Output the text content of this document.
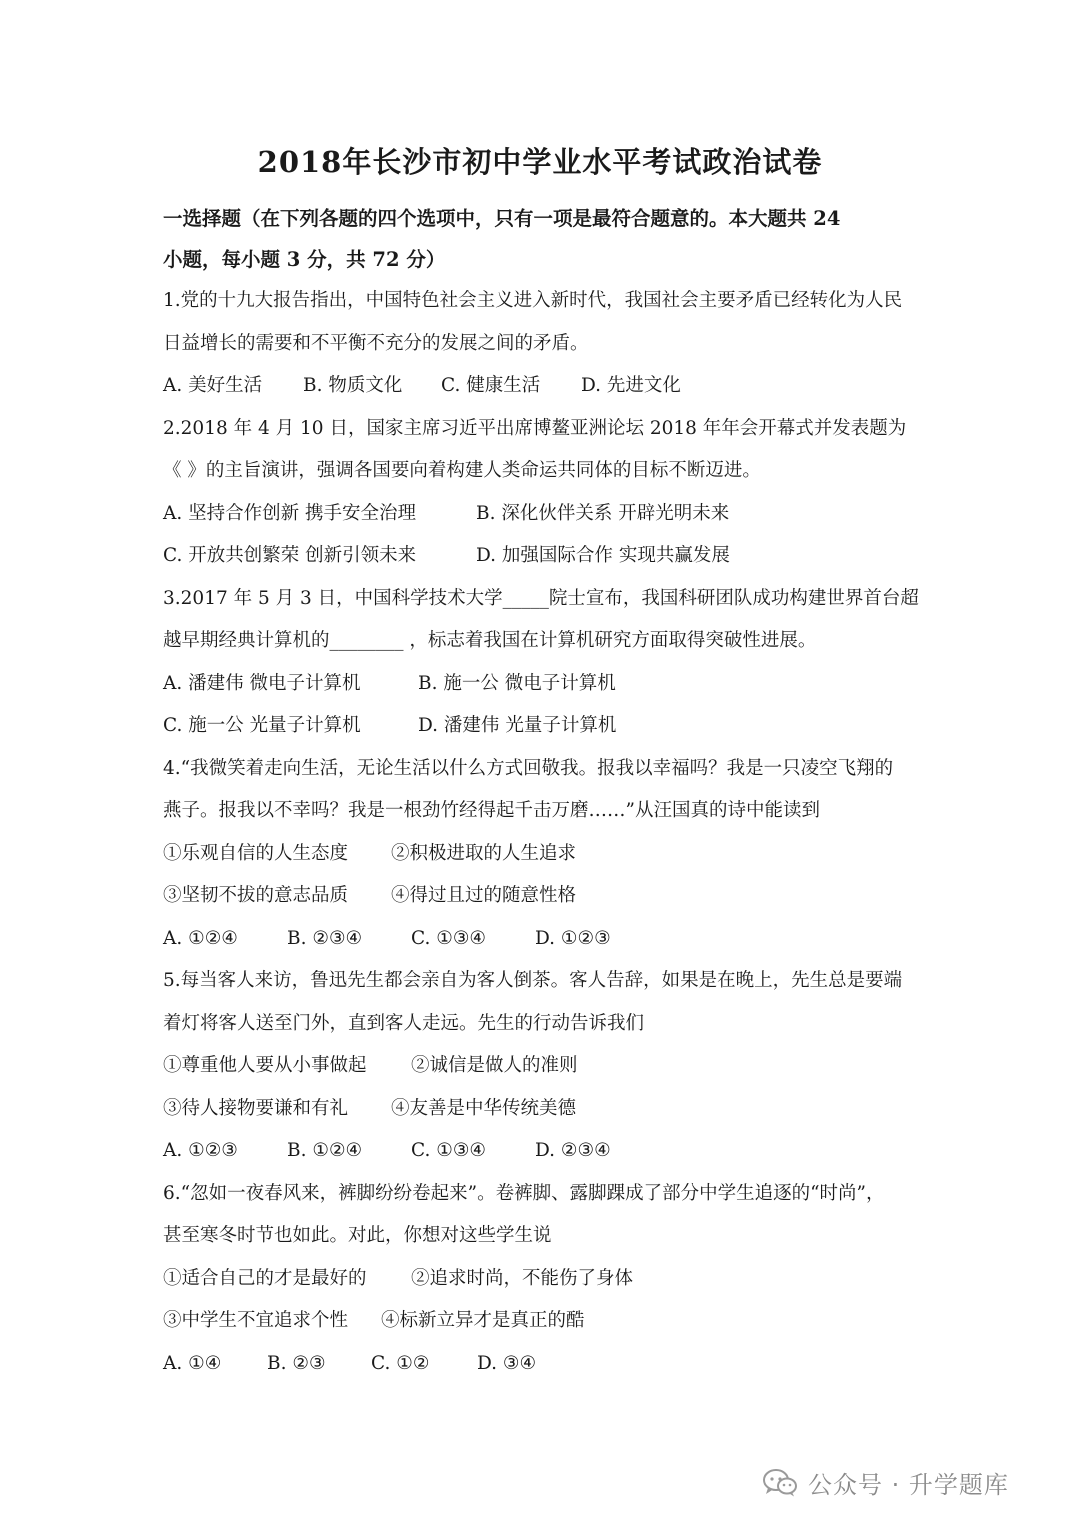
2018年长沙市初中学业水平考试政治试卷
一选择题（在下列各题的四个选项中，只有一项是最符合题意的。本大题共 24
小题，每小题 3 分，共 72 分）
1.党的十九大报告指出，中国特色社会主义进入新时代，我国社会主要矛盾已经转化为人民
日益增长的需要和不平衡不充分的发展之间的矛盾。
A. 美好生活	B. 物质文化	C. 健康生活	D. 先进文化
2.2018 年 4 月 10 日，国家主席习近平出席博鳌亚洲论坛 2018 年年会开幕式并发表题为
《 》的主旨演讲，强调各国要向着构建人类命运共同体的目标不断迈进。
A. 坚持合作创新 携手安全治理	B. 深化伙伴关系 开辟光明未来
C. 开放共创繁荣 创新引领未来	D. 加强国际合作 实现共赢发展
3.2017 年 5 月 3 日，中国科学技术大学_____院士宣布，我国科研团队成功构建世界首台超
越早期经典计算机的________ ，标志着我国在计算机研究方面取得突破性进展。
A. 潘建伟 微电子计算机	B. 施一公 微电子计算机
C. 施一公 光量子计算机	D. 潘建伟 光量子计算机
4.“我微笑着走向生活，无论生活以什么方式回敬我。报我以幸福吗？我是一只凌空飞翔的
燕子。报我以不幸吗？我是一根劲竹经得起千击万磨……”从汪国真的诗中能读到
①乐观自信的人生态度	②积极进取的人生追求
③坚韧不拔的意志品质	④得过且过的随意性格
A. ①②④	B. ②③④	C. ①③④	D. ①②③
5.每当客人来访，鲁迅先生都会亲自为客人倒茶。客人告辞，如果是在晚上，先生总是要端
着灯将客人送至门外，直到客人走远。先生的行动告诉我们
①尊重他人要从小事做起	②诚信是做人的准则
③待人接物要谦和有礼	④友善是中华传统美德
A. ①②③	B. ①②④	C. ①③④	D. ②③④
6.“忽如一夜春风来，裤脚纷纷卷起来”。卷裤脚、露脚踝成了部分中学生追逐的“时尚”，
甚至寒冬时节也如此。对此，你想对这些学生说
①适合自己的才是最好的	②追求时尚，不能伤了身体
③中学生不宜追求个性	④标新立异才是真正的酷
A. ①④	B. ②③	C. ①②	D. ③④
公众号 · 升学题库
